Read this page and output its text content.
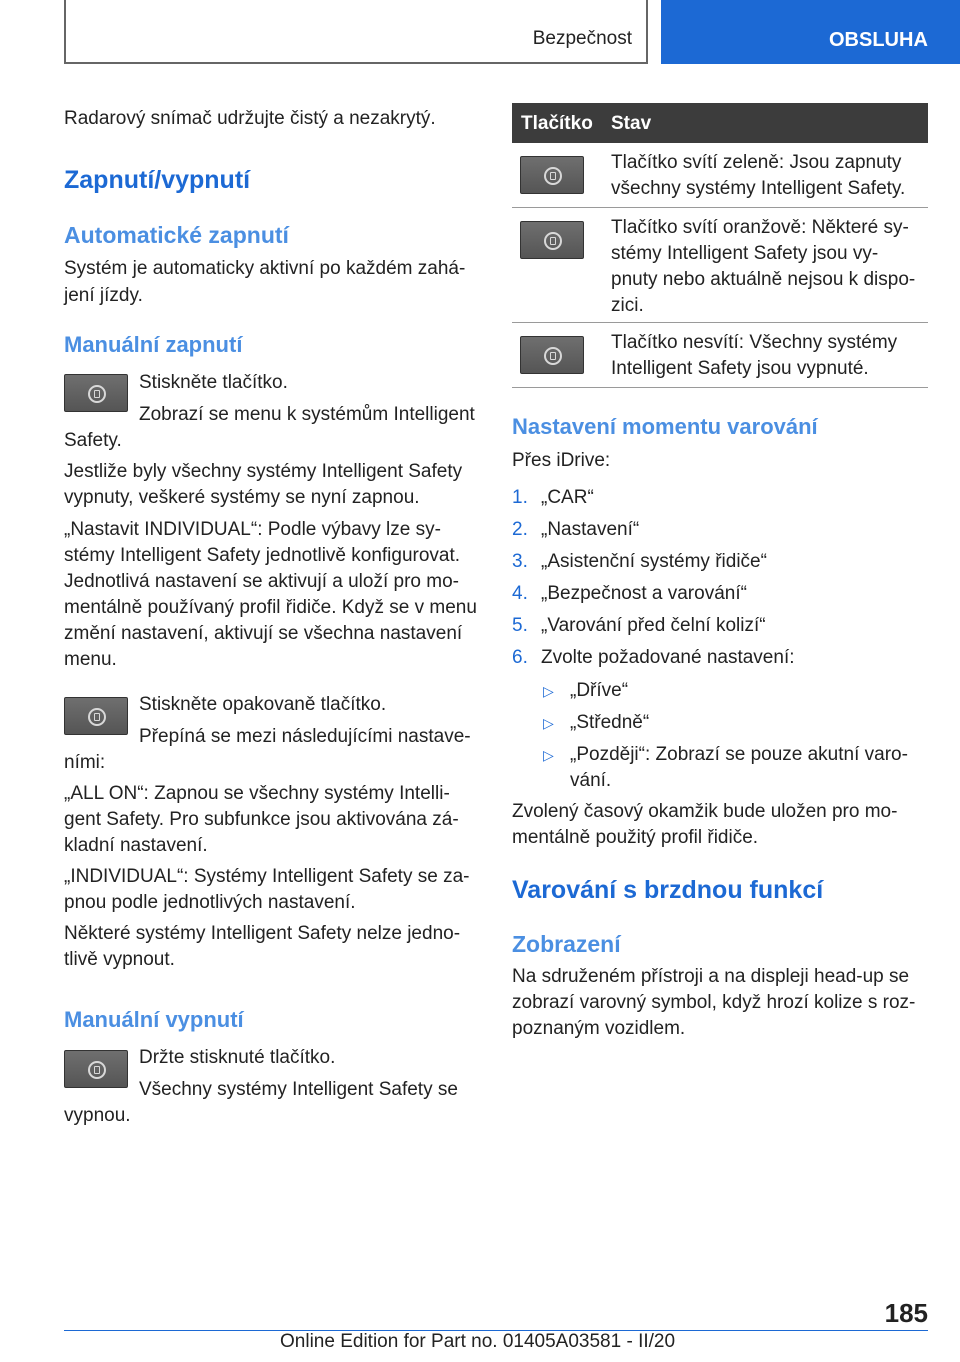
Bezpečnost	OBSLUHA

Radarový snímač udržujte čistý a nezakrytý.

Zapnutí/vypnutí

Automatické zapnutí

Systém je automaticky aktivní po každém zahá-

jení jízdy.

Manuální zapnutí

Stiskněte tlačítko.

Zobrazí se menu k systémům Intelligent

Safety.

Jestliže byly všechny systémy Intelligent Safety

vypnuty, veškeré systémy se nyní zapnou.

„Nastavit INDIVIDUAL“: Podle výbavy lze sy-

stémy Intelligent Safety jednotlivě konfigurovat.

Jednotlivá nastavení se aktivují a uloží pro mo-

mentálně používaný profil řidiče. Když se v menu

změní nastavení, aktivují se všechna nastavení

menu.

Stiskněte opakovaně tlačítko.

Přepíná se mezi následujícími nastave-

ními:

„ALL ON“: Zapnou se všechny systémy Intelli-

gent Safety. Pro subfunkce jsou aktivována zá-

kladní nastavení.

„INDIVIDUAL“: Systémy Intelligent Safety se za-

pnou podle jednotlivých nastavení.

Některé systémy Intelligent Safety nelze jedno-

tlivě vypnout.

Manuální vypnutí

Držte stisknuté tlačítko.

Všechny systémy Intelligent Safety se

vypnou.

Tlačítko Stav
Tlačítko svítí zeleně: Jsou zapnuty
všechny systémy Intelligent Safety.
Tlačítko svítí oranžově: Některé sy-
stémy Intelligent Safety jsou vy-
pnuty nebo aktuálně nejsou k dispo-
zici.
Tlačítko nesvítí: Všechny systémy
Intelligent Safety jsou vypnuté.

Nastavení momentu varování

Přes iDrive:

1. „CAR“
2. „Nastavení“
3. „Asistenční systémy řidiče“
4. „Bezpečnost a varování“
5. „Varování před čelní kolizí“
6. Zvolte požadované nastavení:
▷ „Dříve“
▷ „Středně“
▷ „Později“: Zobrazí se pouze akutní varo-

vání.

Zvolený časový okamžik bude uložen pro mo-

mentálně použitý profil řidiče.

Varování s brzdnou funkcí

Zobrazení

Na sdruženém přístroji a na displeji head-up se

zobrazí varovný symbol, když hrozí kolize s roz-

poznaným vozidlem.

185
Online Edition for Part no. 01405A03581 - II/20
